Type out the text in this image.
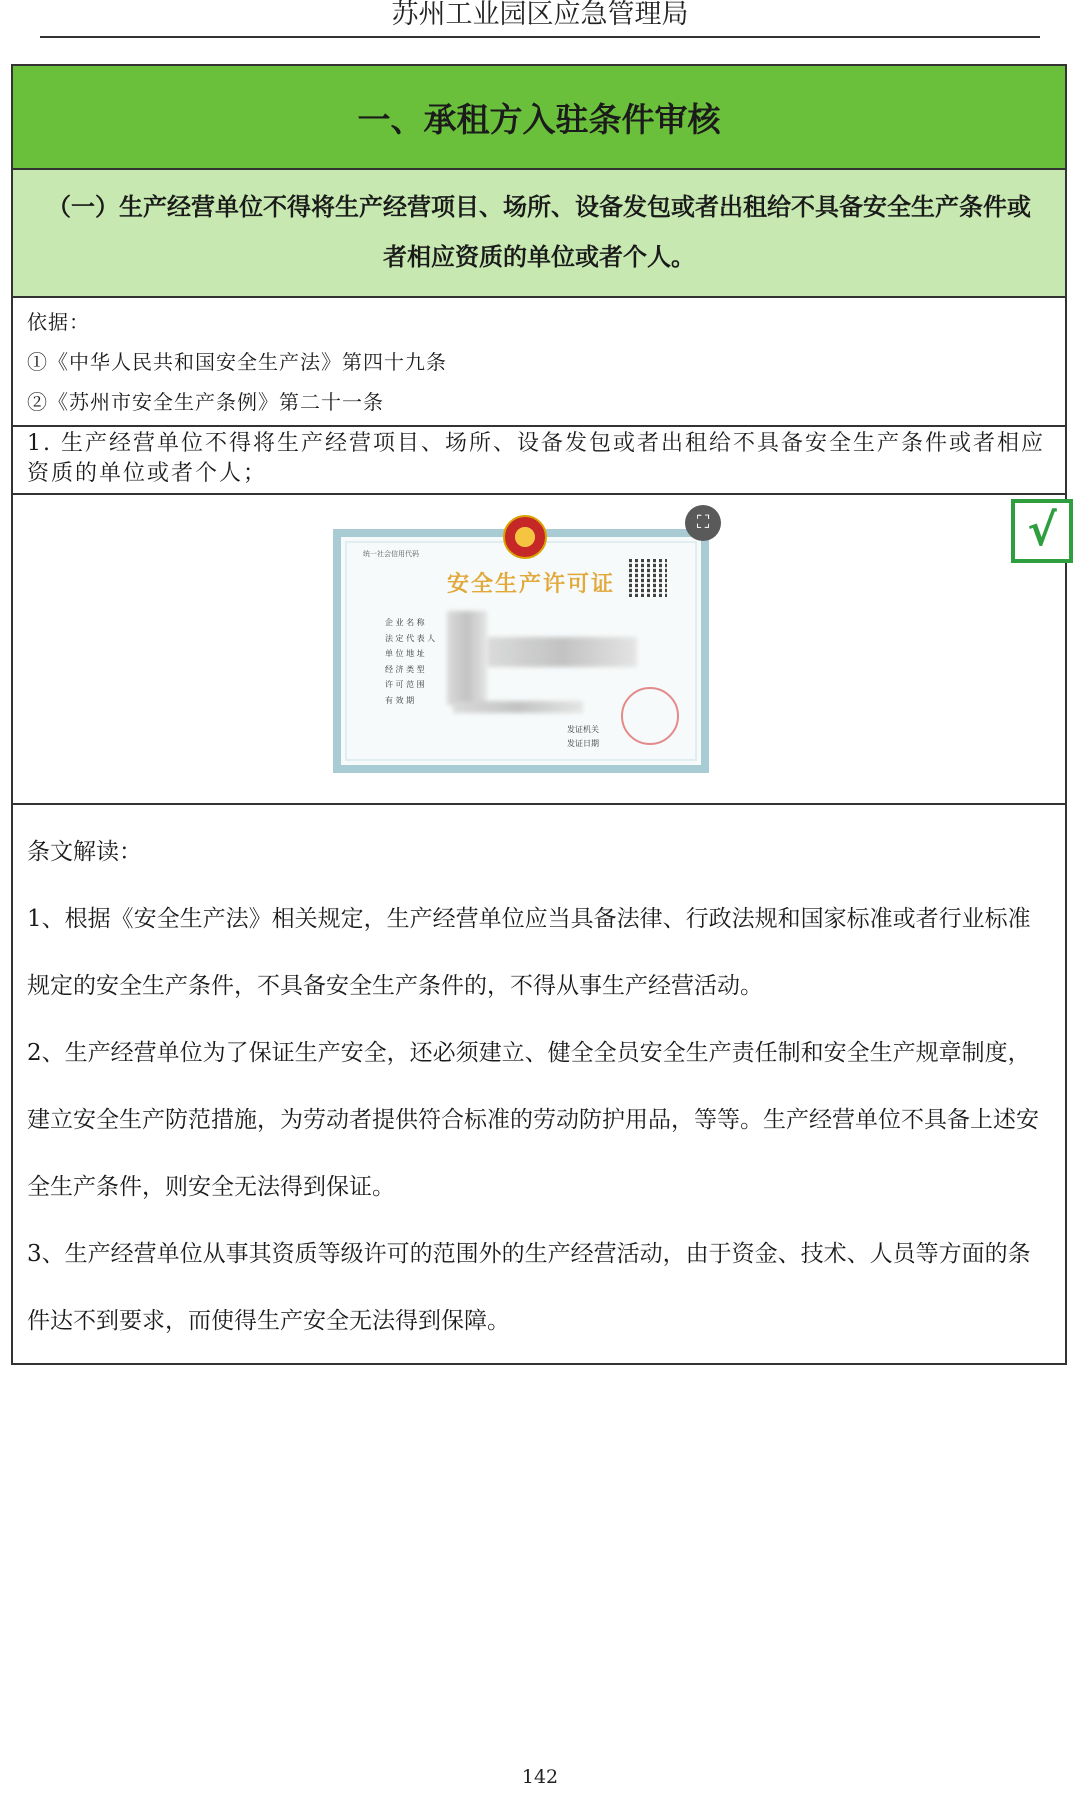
苏州工业园区应急管理局
一、承租方入驻条件审核
（一）生产经营单位不得将生产经营项目、场所、设备发包或者出租给不具备安全生产条件或
者相应资质的单位或者个人。
依据：
①《中华人民共和国安全生产法》第四十九条
②《苏州市安全生产条例》第二十一条
1. 生产经营单位不得将生产经营项目、场所、设备发包或者出租给不具备安全生产条件或者相应资质的单位或者个人；
统一社会信用代码
安全生产许可证
企 业 名 称
法 定 代 表 人
单 位 地 址
经 济 类 型
许 可 范 围
有 效 期
发证机关
发证日期
⛶	√

条文解读：

1、根据《安全生产法》相关规定，生产经营单位应当具备法律、行政法规和国家标准或者行业标准规定的安全生产条件，不具备安全生产条件的，不得从事生产经营活动。

2、生产经营单位为了保证生产安全，还必须建立、健全全员安全生产责任制和安全生产规章制度，建立安全生产防范措施，为劳动者提供符合标准的劳动防护用品，等等。生产经营单位不具备上述安全生产条件，则安全无法得到保证。

3、生产经营单位从事其资质等级许可的范围外的生产经营活动，由于资金、技术、人员等方面的条件达不到要求，而使得生产安全无法得到保障。

142
